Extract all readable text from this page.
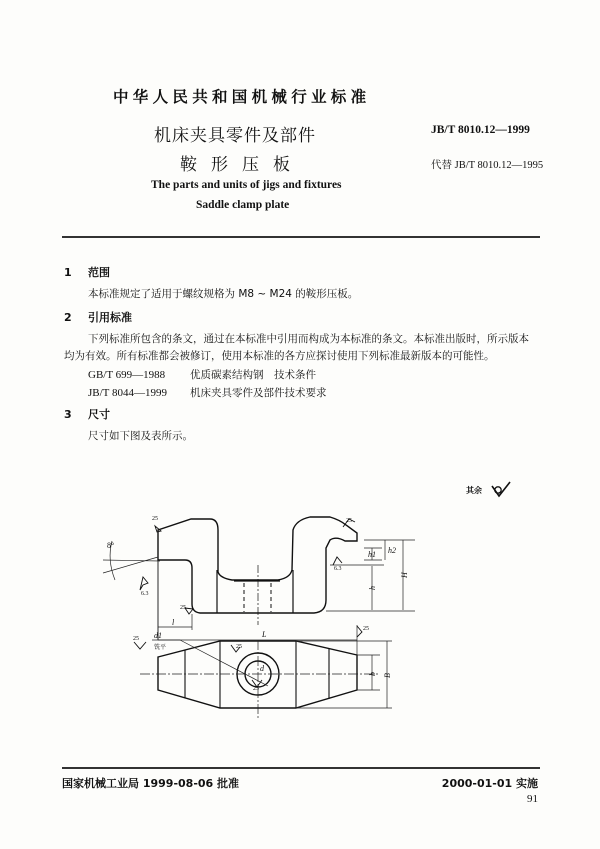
中华人民共和国机械行业标准
机床夹具零件及部件
鞍形压板
The parts and units of jigs and fixtures
Saddle clamp plate
JB/T 8010.12—1999
代替 JB/T 8010.12—1995
1 范围
本标准规定了适用于螺纹规格为 M8 ~ M24 的鞍形压板。
2 引用标准
下列标准所包含的条文，通过在本标准中引用而构成为本标准的条文。本标准出版时，所示版本
均为有效。所有标准都会被修订，使用本标准的各方应探讨使用下列标准最新版本的可能性。
GB/T 699—1988 优质碳素结构钢　技术条件
JB/T 8044—1999 机床夹具零件及部件技术要求
3 尺寸
尺寸如下图及表所示。
其余
8°
H
h
h1 h2
l
L
25
6.3
25
25
6.3
d1
铣平
d
b B
25
25
25
25
国家机械工业局 1999-08-06 批准	2000-01-01 实施
91
